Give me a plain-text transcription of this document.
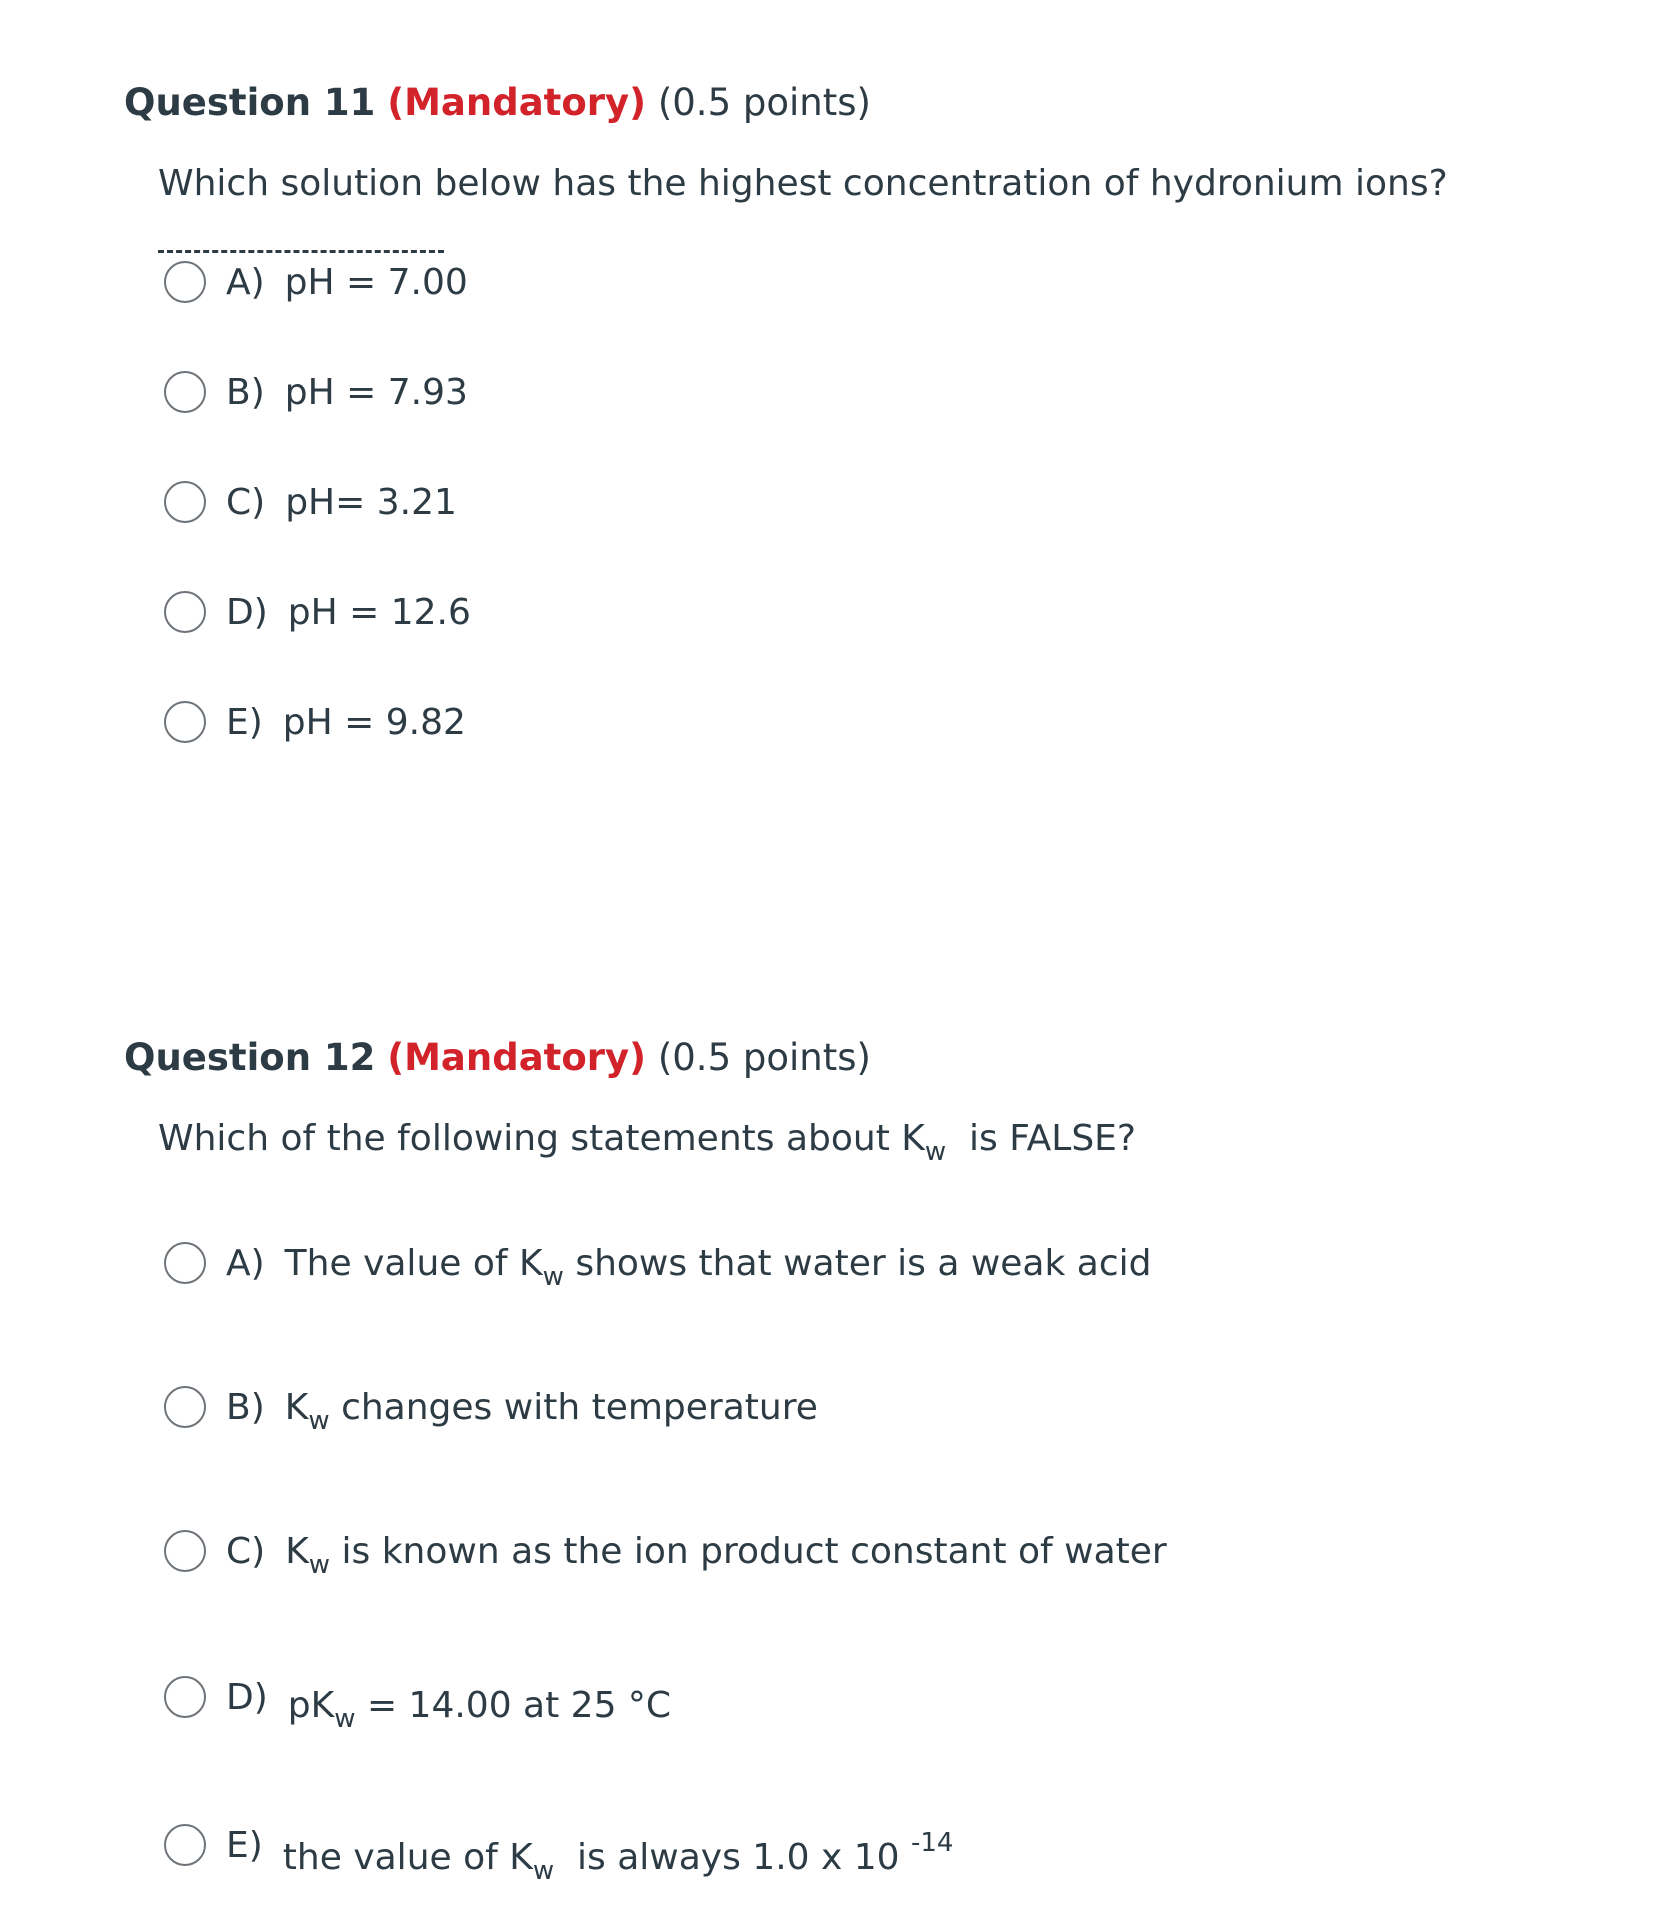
Question 11 (Mandatory) (0.5 points)

Which solution below has the highest concentration of hydronium ions?
A) pH = 7.00
B) pH = 7.93
C) pH= 3.21
D) pH = 12.6
E) pH = 9.82

Question 12 (Mandatory) (0.5 points)

Which of the following statements about $K_w$  is FALSE?
A) The value of $K_w$ shows that water is a weak acid
B) $K_w$ changes with temperature
C) $K_w$ is known as the ion product constant of water
D) $pK_w = 14.00$ at 25 °C
E) the value of $K_w$  is always 1.0 x 10 $^{-14}$
